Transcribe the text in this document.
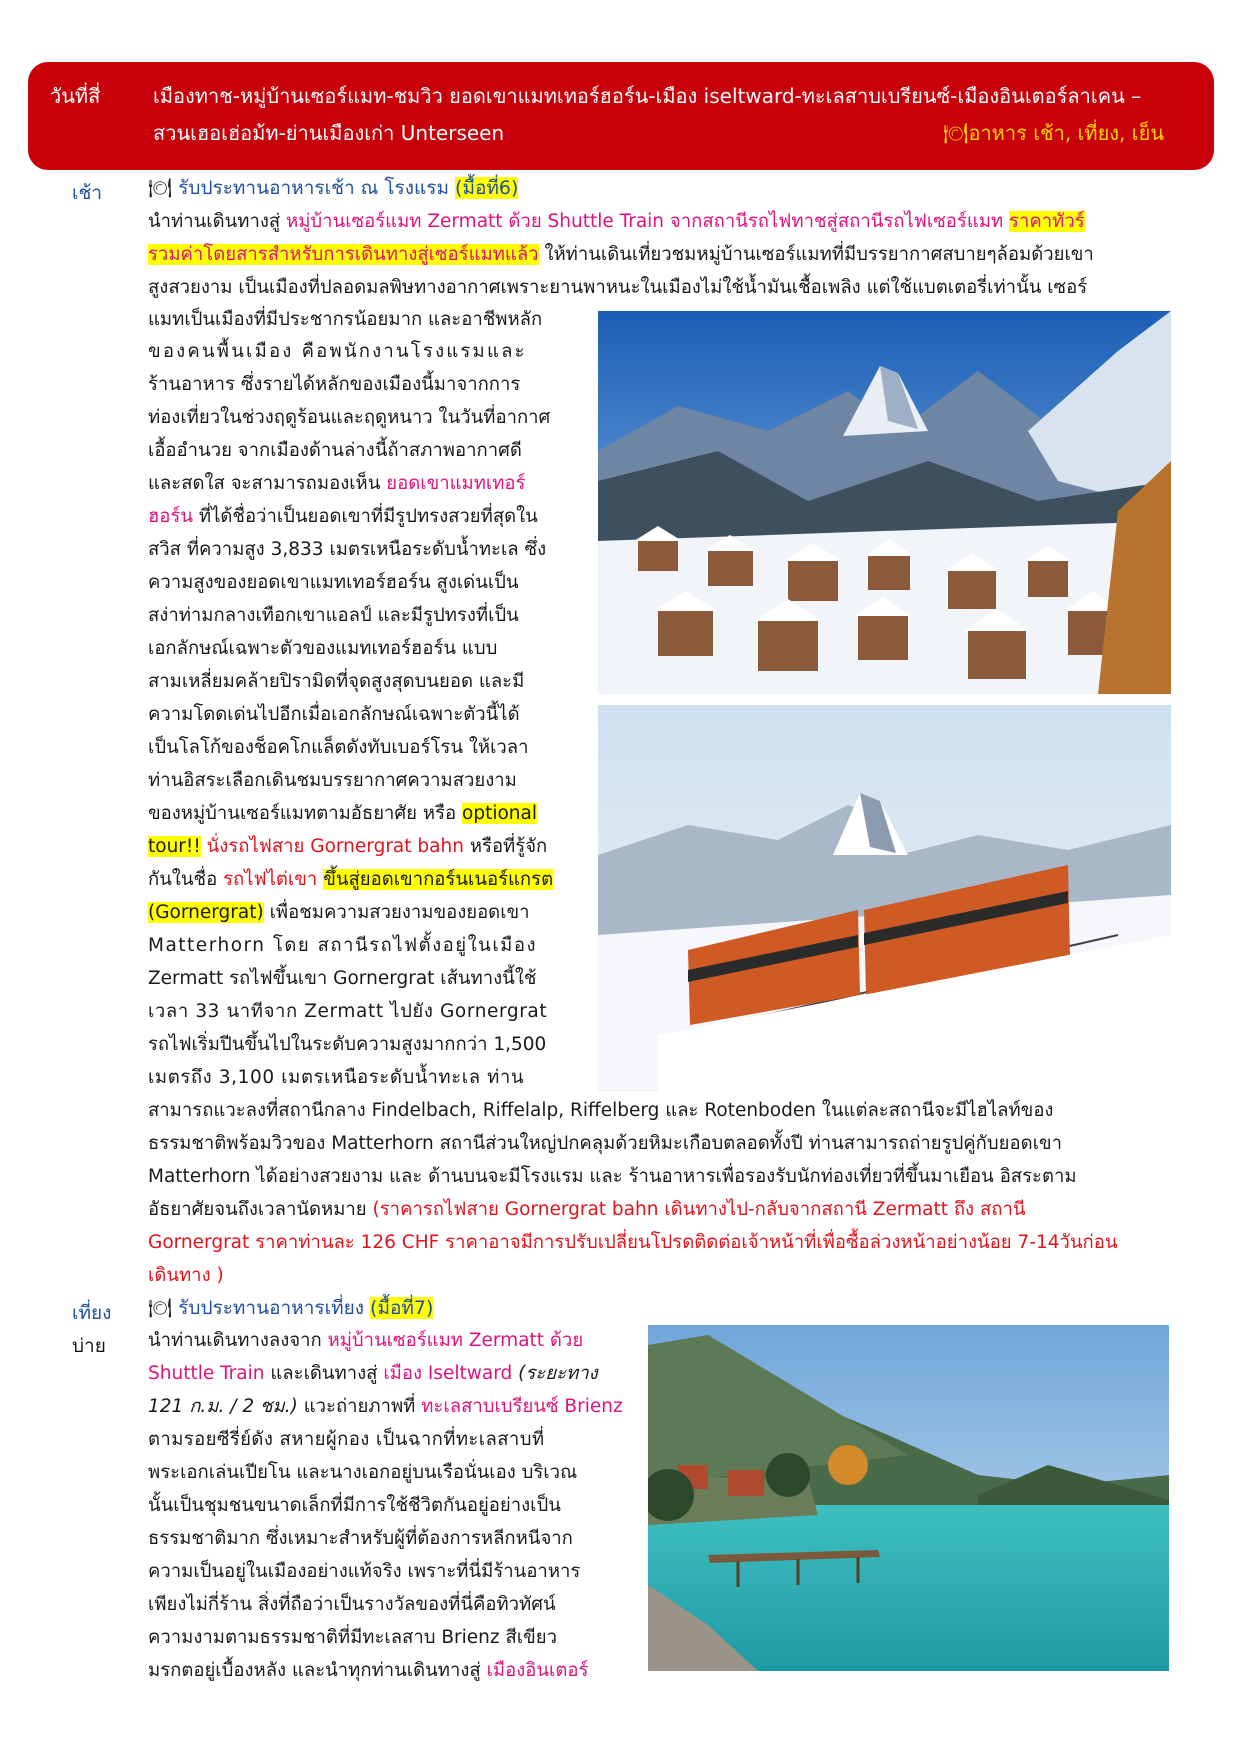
วันที่สี่	เมืองทาช-หมู่บ้านเซอร์แมท-ชมวิว ยอดเขาแมทเทอร์ฮอร์น-เมือง iseltward-ทะเลสาบเบรียนซ์-เมืองอินเตอร์ลาเคน –
สวนเฮอเฮ่อม้ท-ย่านเมืองเก่า Unterseen	🍽อาหาร เช้า, เที่ยง, เย็น
เช้า 🍽 รับประทานอาหารเช้า ณ โรงแรม (มื้อที่6)
นำท่านเดินทางสู่ หมู่บ้านเซอร์แมท Zermatt ด้วย Shuttle Train จากสถานีรถไฟทาชสู่สถานีรถไฟเซอร์แมท ราคาทัวร์
รวมค่าโดยสารสำหรับการเดินทางสู่เซอร์แมทแล้ว ให้ท่านเดินเที่ยวชมหมู่บ้านเซอร์แมทที่มีบรรยากาศสบายๆล้อมด้วยเขา
สูงสวยงาม เป็นเมืองที่ปลอดมลพิษทางอากาศเพราะยานพาหนะในเมืองไม่ใช้น้ำมันเชื้อเพลิง แต่ใช้แบตเตอรี่เท่านั้น เซอร์
แมทเป็นเมืองที่มีประชากรน้อยมาก และอาชีพหลัก
ของคนพื้นเมือง คือพนักงานโรงแรมและ
ร้านอาหาร ซึ่งรายได้หลักของเมืองนี้มาจากการ
ท่องเที่ยวในช่วงฤดูร้อนและฤดูหนาว ในวันที่อากาศ
เอื้ออำนวย จากเมืองด้านล่างนี้ถ้าสภาพอากาศดี
และสดใส จะสามารถมองเห็น ยอดเขาแมทเทอร์
ฮอร์น ที่ได้ชื่อว่าเป็นยอดเขาที่มีรูปทรงสวยที่สุดใน
สวิส ที่ความสูง 3,833 เมตรเหนือระดับน้ำทะเล ซึ่ง
ความสูงของยอดเขาแมทเทอร์ฮอร์น สูงเด่นเป็น
สง่าท่ามกลางเทือกเขาแอลป์ และมีรูปทรงที่เป็น
เอกลักษณ์เฉพาะตัวของแมทเทอร์ฮอร์น แบบ
สามเหลี่ยมคล้ายปิรามิดที่จุดสูงสุดบนยอด และมี
ความโดดเด่นไปอีกเมื่อเอกลักษณ์เฉพาะตัวนี้ได้
เป็นโลโก้ของช็อคโกแล็ตดังทับเบอร์โรน ให้เวลา
ท่านอิสระเลือกเดินชมบรรยากาศความสวยงาม
ของหมู่บ้านเซอร์แมทตามอัธยาศัย หรือ optional
tour!! นั่งรถไฟสาย Gornergrat bahn หรือที่รู้จัก
กันในชื่อ รถไฟไต่เขา ขึ้นสู่ยอดเขากอร์นเนอร์แกรต
(Gornergrat) เพื่อชมความสวยงามของยอดเขา
Matterhorn โดย สถานีรถไฟตั้งอยู่ในเมือง
Zermatt รถไฟขึ้นเขา Gornergrat เส้นทางนี้ใช้
เวลา 33 นาทีจาก Zermatt ไปยัง Gornergrat
รถไฟเริ่มปีนขึ้นไปในระดับความสูงมากกว่า 1,500
เมตรถึง 3,100 เมตรเหนือระดับน้ำทะเล ท่าน
สามารถแวะลงที่สถานีกลาง Findelbach, Riffelalp, Riffelberg และ Rotenboden ในแต่ละสถานีจะมีไฮไลท์ของ
ธรรมชาติพร้อมวิวของ Matterhorn สถานีส่วนใหญ่ปกคลุมด้วยหิมะเกือบตลอดทั้งปี ท่านสามารถถ่ายรูปคู่กับยอดเขา
Matterhorn ได้อย่างสวยงาม และ ด้านบนจะมีโรงแรม และ ร้านอาหารเพื่อรองรับนักท่องเที่ยวที่ขึ้นมาเยือน อิสระตาม
อัธยาศัยจนถึงเวลานัดหมาย (ราคารถไฟสาย Gornergrat bahn เดินทางไป-กลับจากสถานี Zermatt ถึง สถานี
Gornergrat ราคาท่านละ 126 CHF ราคาอาจมีการปรับเปลี่ยนโปรดติดต่อเจ้าหน้าที่เพื่อซื้อล่วงหน้าอย่างน้อย 7-14วันก่อน
เดินทาง )
เที่ยง 🍽 รับประทานอาหารเที่ยง (มื้อที่7)
บ่าย นำท่านเดินทางลงจาก หมู่บ้านเซอร์แมท Zermatt ด้วย
Shuttle Train และเดินทางสู่ เมือง Iseltward (ระยะทาง
121 ก.ม. / 2 ชม.) แวะถ่ายภาพที่ ทะเลสาบเบรียนซ์ Brienz
ตามรอยซีรี่ย์ดัง สหายผู้กอง เป็นฉากที่ทะเลสาบที่
พระเอกเล่นเปียโน และนางเอกอยู่บนเรือนั่นเอง บริเวณ
นั้นเป็นชุมชนขนาดเล็กที่มีการใช้ชีวิตกันอยู่อย่างเป็น
ธรรมชาติมาก ซึ่งเหมาะสำหรับผู้ที่ต้องการหลีกหนีจาก
ความเป็นอยู่ในเมืองอย่างแท้จริง เพราะที่นี่มีร้านอาหาร
เพียงไม่กี่ร้าน สิ่งที่ถือว่าเป็นรางวัลของที่นี่คือทิวทัศน์
ความงามตามธรรมชาติที่มีทะเลสาบ Brienz สีเขียว
มรกตอยู่เบื้องหลัง และนำทุกท่านเดินทางสู่ เมืองอินเตอร์
